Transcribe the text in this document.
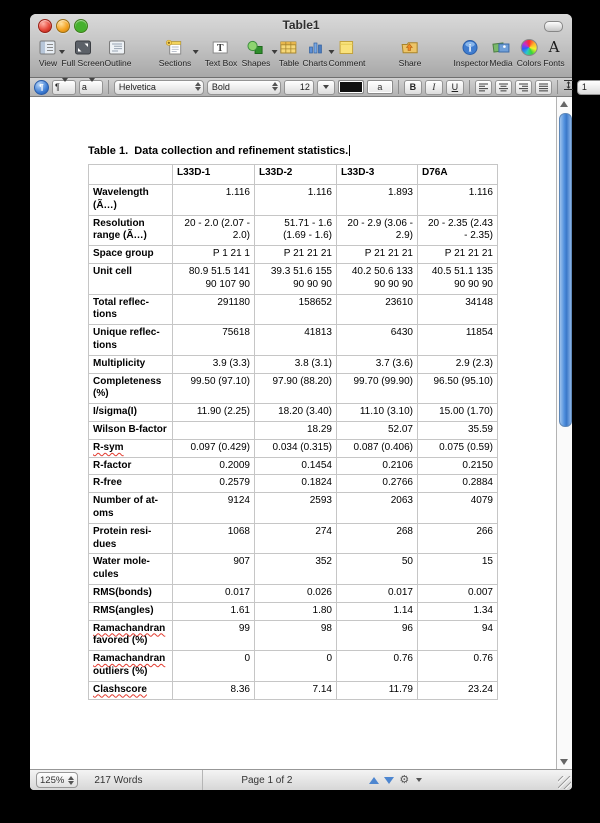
Table1
View Full Screen Outline	Sections
T
Text Box Shapes Table Charts Comment	Share
i
Inspector Media Colors
A
Fonts
¶	¶ a	Helvetica	Bold	12	a	B I U	1
Table 1.  Data collection and refinement statistics.
	L33D-1	L33D-2	L33D-3	D76A
Wavelength (Ã…)	1.116	1.116	1.893	1.116
Resolution range (Ã…)	20 - 2.0 (2.07 - 2.0)	51.71 - 1.6 (1.69 - 1.6)	20 - 2.9 (3.06 - 2.9)	20 - 2.35 (2.43 - 2.35)
Space group	P 1 21 1	P 21 21 21	P 21 21 21	P 21 21 21
Unit cell	80.9 51.5 141 90 107 90	39.3 51.6 155 90 90 90	40.2 50.6 133 90 90 90	40.5 51.1 135 90 90 90
Total reflec-tions	291180	158652	23610	34148
Unique reflec-tions	75618	41813	6430	11854
Multiplicity	3.9 (3.3)	3.8 (3.1)	3.7 (3.6)	2.9 (2.3)
Completeness (%)	99.50 (97.10)	97.90 (88.20)	99.70 (99.90)	96.50 (95.10)
I/sigma(I)	11.90 (2.25)	18.20 (3.40)	11.10 (3.10)	15.00 (1.70)
Wilson B-factor		18.29	52.07	35.59
R-sym	0.097 (0.429)	0.034 (0.315)	0.087 (0.406)	0.075 (0.59)
R-factor	0.2009	0.1454	0.2106	0.2150
R-free	0.2579	0.1824	0.2766	0.2884
Number of at-oms	9124	2593	2063	4079
Protein resi-dues	1068	274	268	266
Water mole-cules	907	352	50	15
RMS(bonds)	0.017	0.026	0.017	0.007
RMS(angles)	1.61	1.80	1.14	1.34
Ramachandran favored (%)	99	98	96	94
Ramachandran outliers (%)	0	0	0.76	0.76
Clashscore	8.36	7.14	11.79	23.24
125%	217 Words	Page 1 of 2	⚙
